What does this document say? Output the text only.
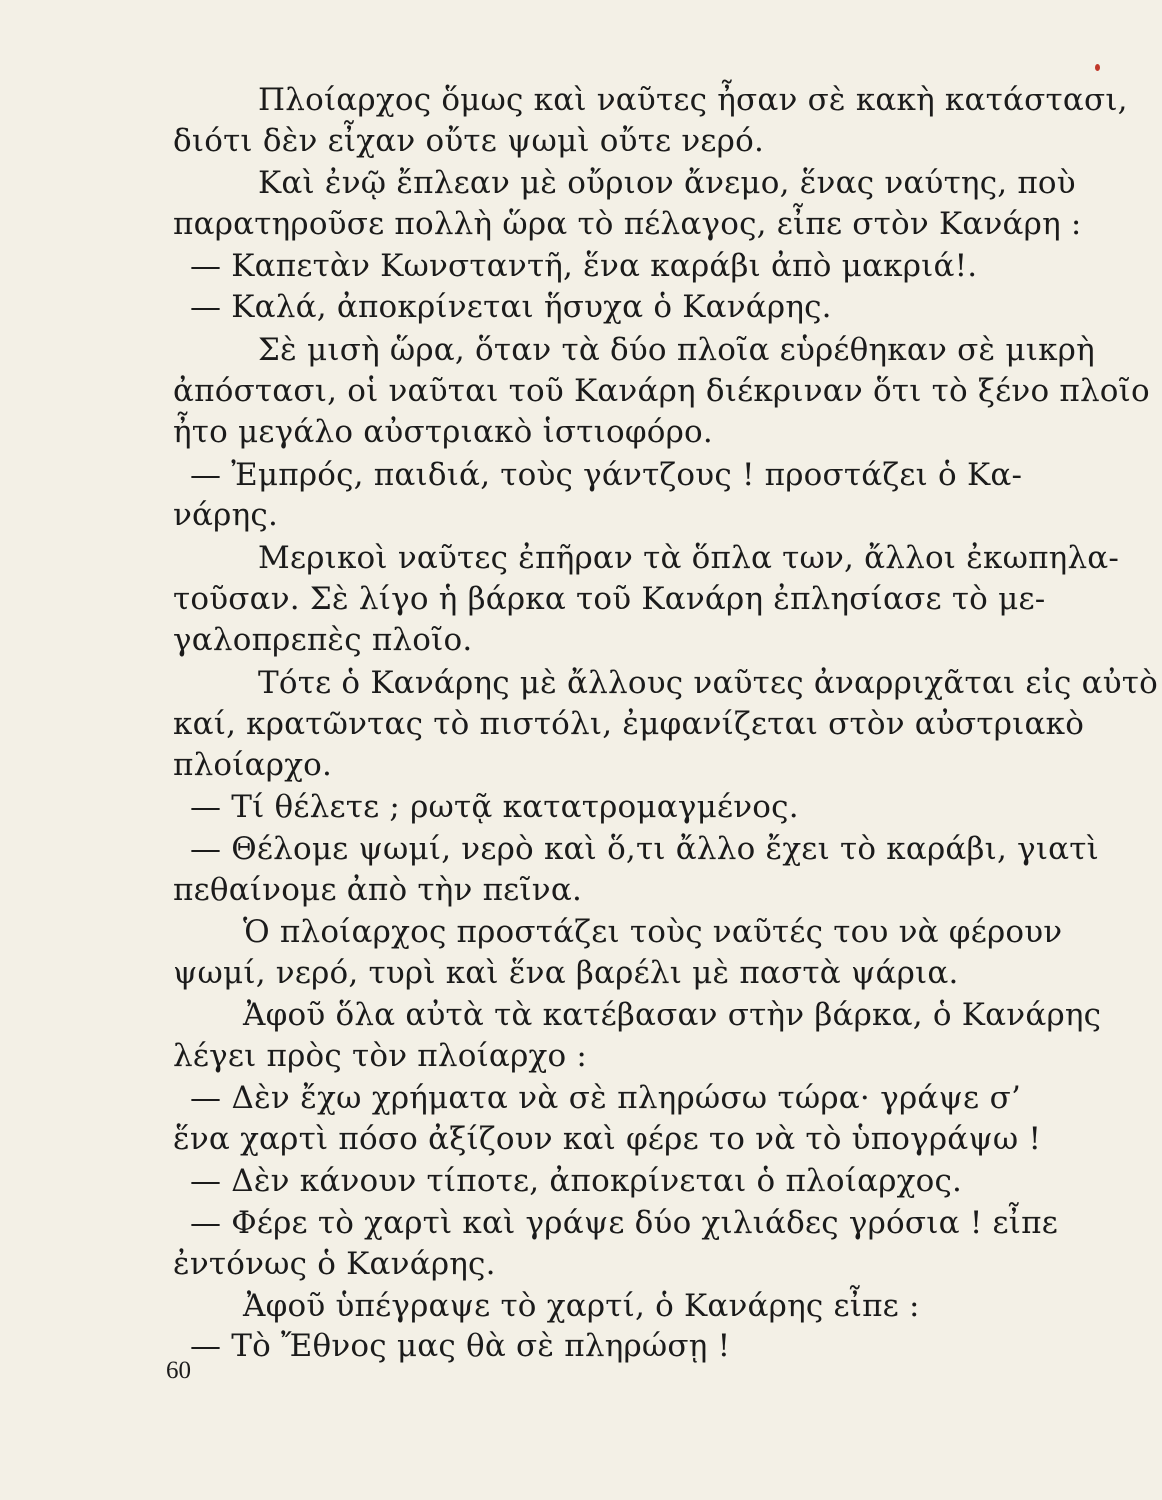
Πλοίαρχος ὅμως καὶ ναῦτες ἦσαν σὲ κακὴ κατάστασι,
διότι δὲν εἶχαν οὔτε ψωμὶ οὔτε νερό.
Καὶ ἐνῷ ἔπλεαν μὲ οὔριον ἄνεμο, ἕνας ναύτης, ποὺ
παρατηροῦσε πολλὴ ὥρα τὸ πέλαγος, εἶπε στὸν Κανάρη :
— Καπετὰν Κωνσταντῆ, ἕνα καράβι ἀπὸ μακριά!.
— Καλά, ἀποκρίνεται ἥσυχα ὁ Κανάρης.
Σὲ μισὴ ὥρα, ὅταν τὰ δύο πλοῖα εὑρέθηκαν σὲ μικρὴ
ἀπόστασι, οἱ ναῦται τοῦ Κανάρη διέκριναν ὅτι τὸ ξένο πλοῖο
ἦτο μεγάλο αὐστριακὸ ἱστιοφόρο.
— Ἐμπρός, παιδιά, τοὺς γάντζους ! προστάζει ὁ Κα-
νάρης.
Μερικοὶ ναῦτες ἐπῆραν τὰ ὅπλα των, ἄλλοι ἐκωπηλα-
τοῦσαν. Σὲ λίγο ἡ βάρκα τοῦ Κανάρη ἐπλησίασε τὸ με-
γαλοπρεπὲς πλοῖο.
Τότε ὁ Κανάρης μὲ ἄλλους ναῦτες ἀναρριχᾶται εἰς αὐτὸ
καί, κρατῶντας τὸ πιστόλι, ἐμφανίζεται στὸν αὐστριακὸ
πλοίαρχο.
— Τί θέλετε ; ρωτᾷ κατατρομαγμένος.
— Θέλομε ψωμί, νερὸ καὶ ὅ,τι ἄλλο ἔχει τὸ καράβι, γιατὶ
πεθαίνομε ἀπὸ τὴν πεῖνα.
Ὁ πλοίαρχος προστάζει τοὺς ναῦτές του νὰ φέρουν
ψωμί, νερό, τυρὶ καὶ ἕνα βαρέλι μὲ παστὰ ψάρια.
Ἀφοῦ ὅλα αὐτὰ τὰ κατέβασαν στὴν βάρκα, ὁ Κανάρης
λέγει πρὸς τὸν πλοίαρχο :
— Δὲν ἔχω χρήματα νὰ σὲ πληρώσω τώρα· γράψε σ’
ἕνα χαρτὶ πόσο ἀξίζουν καὶ φέρε το νὰ τὸ ὑπογράψω !
— Δὲν κάνουν τίποτε, ἀποκρίνεται ὁ πλοίαρχος.
— Φέρε τὸ χαρτὶ καὶ γράψε δύο χιλιάδες γρόσια ! εἶπε
ἐντόνως ὁ Κανάρης.
Ἀφοῦ ὑπέγραψε τὸ χαρτί, ὁ Κανάρης εἶπε :
— Τὸ Ἔθνος μας θὰ σὲ πληρώσῃ !
60
